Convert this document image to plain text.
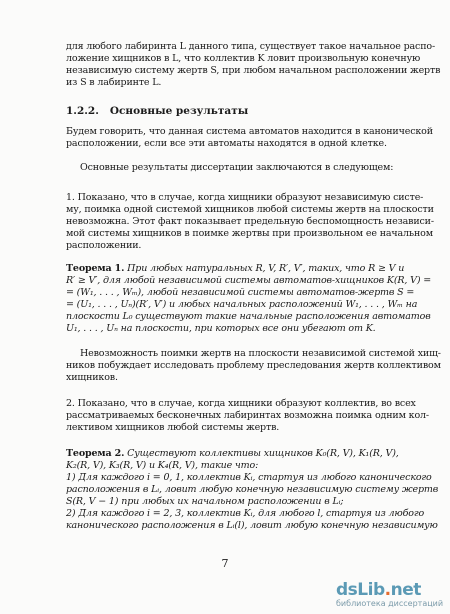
для любого лабиринта L данного типа, существует такое начальное распо-
ложение хищников в L, что коллектив K ловит произвольную конечную
независимую систему жертв S, при любом начальном расположении жертв
из S в лабиринте L.
1.2.2. Основные результаты
Будем говорить, что данная система автоматов находится в канонической
расположении, если все эти автоматы находятся в одной клетке.
Основные результаты диссертации заключаются в следующем:
1. Показано, что в случае, когда хищники образуют независимую систе-
му, поимка одной системой хищников любой системы жертв на плоскости
невозможна. Этот факт показывает предельную беспомощность независи-
мой системы хищников в поимке жертвы при произвольном ее начальном
расположении.
Теорема 1. При любых натуральных R, V, R′, V′, таких, что R ≥ V и
R′ ≥ V′, для любой независимой системы автоматов-хищников K(R, V) =
= (W₁, . . . , Wₘ), любой независимой системы автоматов-жертв S =
= (U₁, . . . , Uₙ)(R′, V′) и любых начальных расположений W₁, . . . , Wₘ на
плоскости L₀ существуют такие начальные расположения автоматов
U₁, . . . , Uₙ на плоскости, при которых все они убегают от K.
Невозможность поимки жертв на плоскости независимой системой хищ-
ников побуждает исследовать проблему преследования жертв коллективом
хищников.
2. Показано, что в случае, когда хищники образуют коллектив, во всех
рассматриваемых бесконечных лабиринтах возможна поимка одним кол-
лективом хищников любой системы жертв.
Теорема 2. Существуют коллективы хищников K₀(R, V), K₁(R, V),
K₂(R, V), K₃(R, V) и K₄(R, V), такие что:
1) Для каждого i = 0, 1, коллектив Kᵢ, стартуя из любого канонического
расположения в Lᵢ, ловит любую конечную независимую систему жертв
S(R, V − 1) при любых их начальном расположении в Lᵢ;
2) Для каждого i = 2, 3, коллектив Kᵢ, для любого l, стартуя из любого
канонического расположения в Lᵢ(l), ловит любую конечную независимую
7
dsLib.net
библиотека диссертаций
